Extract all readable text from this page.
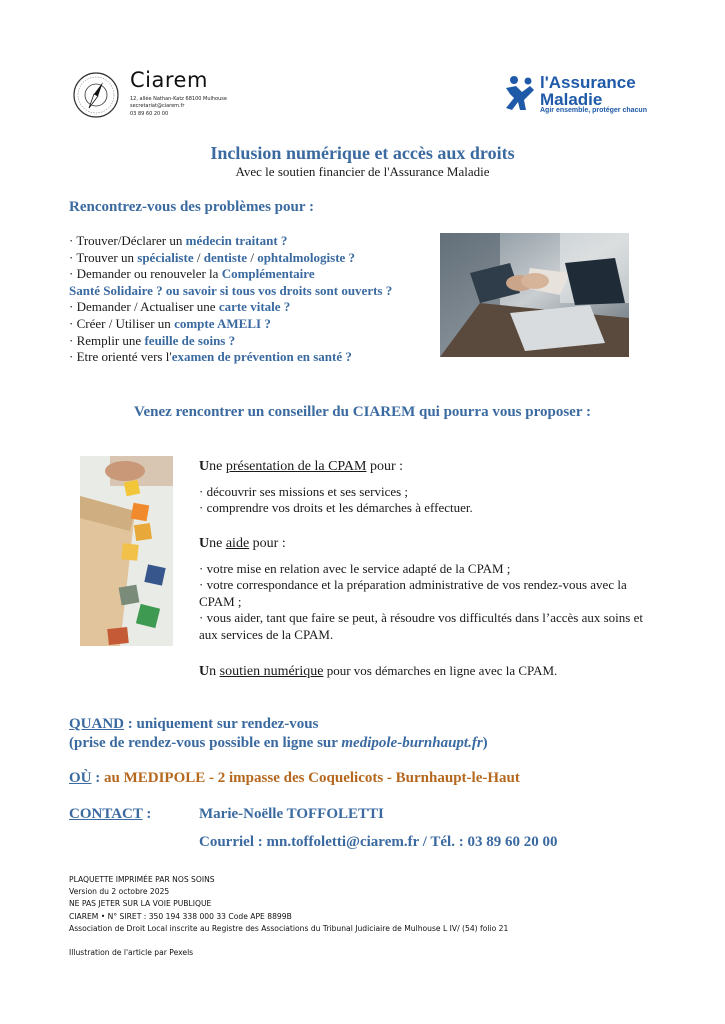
Ciarem
12, allée Nathan-Katz 68100 Mulhouse
secretariat@ciarem.fr
03 89 60 20 00
l'Assurance
Maladie
Agir ensemble, protéger chacun
Inclusion numérique et accès aux droits
Avec le soutien financier de l'Assurance Maladie
Rencontrez-vous des problèmes pour :
· Trouver/Déclarer un médecin traitant ?
· Trouver un spécialiste / dentiste / ophtalmologiste ?
· Demander ou renouveler la Complémentaire
Santé Solidaire ? ou savoir si tous vos droits sont ouverts ?
· Demander / Actualiser une carte vitale ?
· Créer / Utiliser un compte AMELI ?
· Remplir une feuille de soins ?
· Etre orienté vers l'examen de prévention en santé ?
Venez rencontrer un conseiller du CIAREM qui pourra vous proposer :
Une présentation de la CPAM pour :
· découvrir ses missions et ses services ;
· comprendre vos droits et les démarches à effectuer.
Une aide pour :
· votre mise en relation avec le service adapté de la CPAM ;
· votre correspondance et la préparation administrative de vos rendez-vous avec la CPAM ;
· vous aider, tant que faire se peut, à résoudre vos difficultés dans l’accès aux soins et aux services de la CPAM.
Un soutien numérique pour vos démarches en ligne avec la CPAM.
QUAND : uniquement sur rendez-vous
(prise de rendez-vous possible en ligne sur medipole-burnhaupt.fr)
OÙ : au MEDIPOLE - 2 impasse des Coquelicots - Burnhaupt-le-Haut
CONTACT :	Marie-Noëlle TOFFOLETTI
Courriel : mn.toffoletti@ciarem.fr / Tél. : 03 89 60 20 00
PLAQUETTE IMPRIMÉE PAR NOS SOINS
Version du 2 octobre 2025
NE PAS JETER SUR LA VOIE PUBLIQUE
CIAREM • N° SIRET : 350 194 338 000 33 Code APE 8899B
Association de Droit Local inscrite au Registre des Associations du Tribunal Judiciaire de Mulhouse L IV/ (54) folio 21
Illustration de l'article par Pexels
